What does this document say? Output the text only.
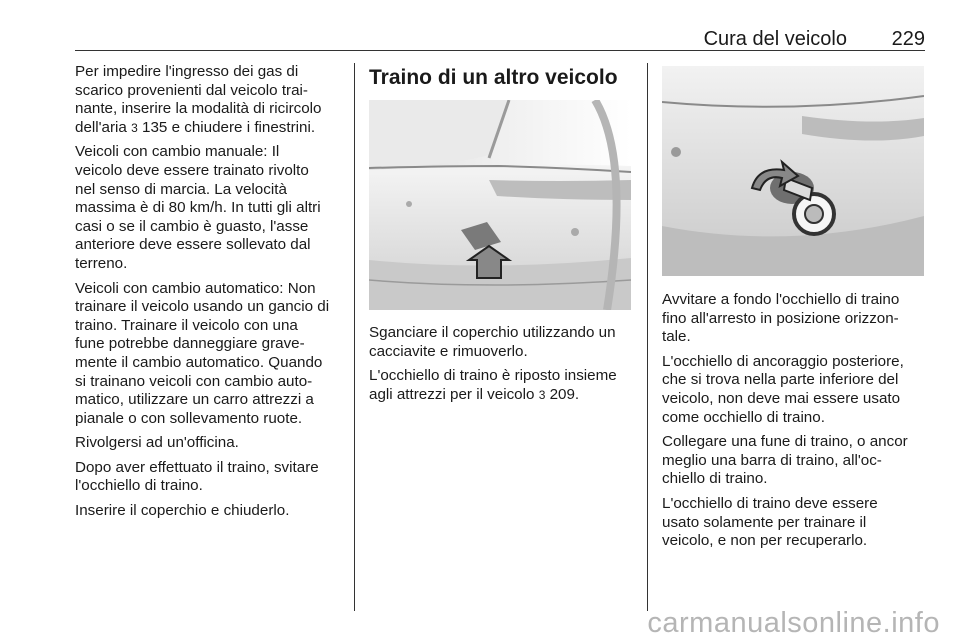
Cura del veicolo 229

Per impedire l'ingresso dei gas di
scarico provenienti dal veicolo trai-
nante, inserire la modalità di ricircolo
dell'aria 3 135 e chiudere i finestrini.

Veicoli con cambio manuale: Il
veicolo deve essere trainato rivolto
nel senso di marcia. La velocità
massima è di 80 km/h. In tutti gli altri
casi o se il cambio è guasto, l'asse
anteriore deve essere sollevato dal
terreno.

Veicoli con cambio automatico: Non
trainare il veicolo usando un gancio di
traino. Trainare il veicolo con una
fune potrebbe danneggiare grave-
mente il cambio automatico. Quando
si trainano veicoli con cambio auto-
matico, utilizzare un carro attrezzi a
pianale o con sollevamento ruote.

Rivolgersi ad un'officina.

Dopo aver effettuato il traino, svitare
l'occhiello di traino.

Inserire il coperchio e chiuderlo.

Traino di un altro veicolo

Sganciare il coperchio utilizzando un
cacciavite e rimuoverlo.

L'occhiello di traino è riposto insieme
agli attrezzi per il veicolo 3 209.

Avvitare a fondo l'occhiello di traino
fino all'arresto in posizione orizzon-
tale.

L'occhiello di ancoraggio posteriore,
che si trova nella parte inferiore del
veicolo, non deve mai essere usato
come occhiello di traino.

Collegare una fune di traino, o ancor
meglio una barra di traino, all'oc-
chiello di traino.

L'occhiello di traino deve essere
usato solamente per trainare il
veicolo, e non per recuperarlo.

carmanualsonline.info
